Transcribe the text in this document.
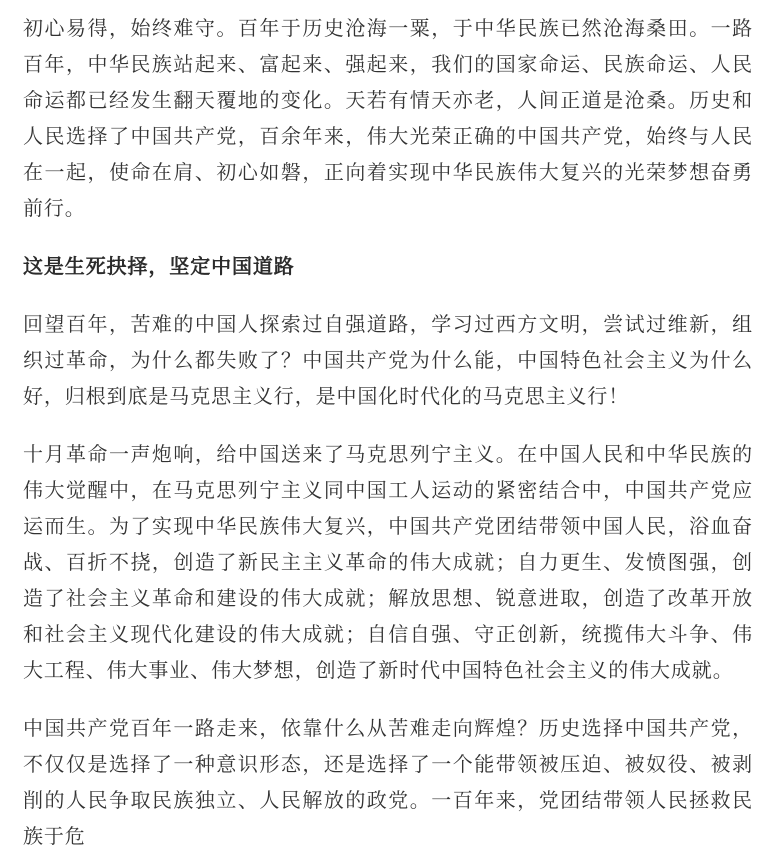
初心易得，始终难守。百年于历史沧海一粟，于中华民族已然沧海桑田。一路百年，中华民族站起来、富起来、强起来，我们的国家命运、民族命运、人民命运都已经发生翻天覆地的变化。天若有情天亦老，人间正道是沧桑。历史和人民选择了中国共产党，百余年来，伟大光荣正确的中国共产党，始终与人民在一起，使命在肩、初心如磐，正向着实现中华民族伟大复兴的光荣梦想奋勇前行。

这是生死抉择，坚定中国道路

回望百年，苦难的中国人探索过自强道路，学习过西方文明，尝试过维新，组织过革命，为什么都失败了？中国共产党为什么能，中国特色社会主义为什么好，归根到底是马克思主义行，是中国化时代化的马克思主义行！

十月革命一声炮响，给中国送来了马克思列宁主义。在中国人民和中华民族的伟大觉醒中，在马克思列宁主义同中国工人运动的紧密结合中，中国共产党应运而生。为了实现中华民族伟大复兴，中国共产党团结带领中国人民，浴血奋战、百折不挠，创造了新民主主义革命的伟大成就；自力更生、发愤图强，创造了社会主义革命和建设的伟大成就；解放思想、锐意进取，创造了改革开放和社会主义现代化建设的伟大成就；自信自强、守正创新，统揽伟大斗争、伟大工程、伟大事业、伟大梦想，创造了新时代中国特色社会主义的伟大成就。

中国共产党百年一路走来，依靠什么从苦难走向辉煌？历史选择中国共产党，不仅仅是选择了一种意识形态，还是选择了一个能带领被压迫、被奴役、被剥削的人民争取民族独立、人民解放的政党。一百年来，党团结带领人民拯救民族于危
